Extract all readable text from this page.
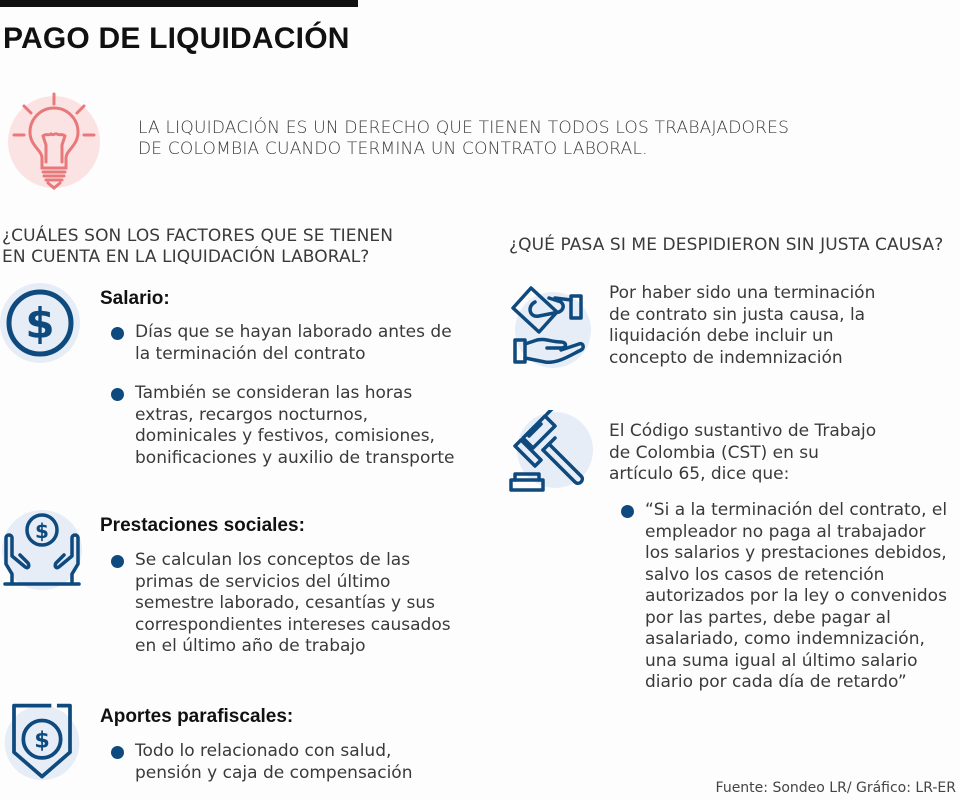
PAGO DE LIQUIDACIÓN
LA LIQUIDACIÓN ES UN DERECHO QUE TIENEN TODOS LOS TRABAJADORES
DE COLOMBIA CUANDO TERMINA UN CONTRATO LABORAL.
¿CUÁLES SON LOS FACTORES QUE SE TIENEN
EN CUENTA EN LA LIQUIDACIÓN LABORAL?
$
Salario:
Días que se hayan laborado antes de
la terminación del contrato
También se consideran las horas
extras, recargos nocturnos,
dominicales y festivos, comisiones,
bonificaciones y auxilio de transporte
$	Prestaciones sociales:
Se calculan los conceptos de las
primas de servicios del último
semestre laborado, cesantías y sus
correspondientes intereses causados
en el último año de trabajo
$
Aportes parafiscales:
Todo lo relacionado con salud,
pensión y caja de compensación
¿QUÉ PASA SI ME DESPIDIERON SIN JUSTA CAUSA?
Por haber sido una terminación
de contrato sin justa causa, la
liquidación debe incluir un
concepto de indemnización
El Código sustantivo de Trabajo
de Colombia (CST) en su
artículo 65, dice que:
“Si a la terminación del contrato, el
empleador no paga al trabajador
los salarios y prestaciones debidos,
salvo los casos de retención
autorizados por la ley o convenidos
por las partes, debe pagar al
asalariado, como indemnización,
una suma igual al último salario
diario por cada día de retardo”
Fuente: Sondeo LR/ Gráfico: LR-ER
